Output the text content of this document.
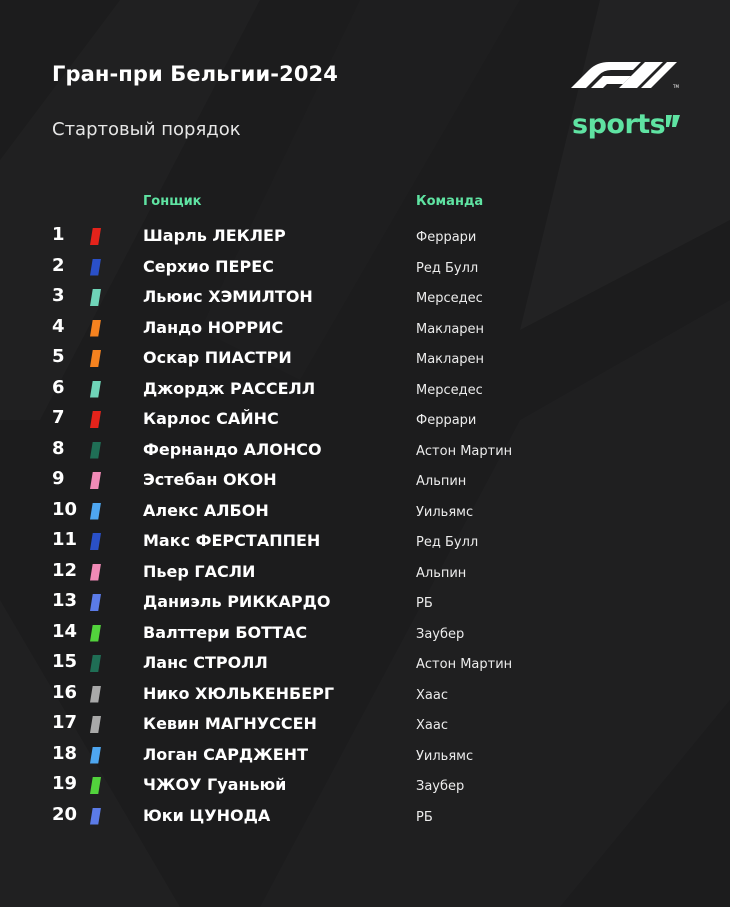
Гран-при Бельгии-2024
Стартовый порядок
TM
sports
Гонщик	Команда
1	Шарль ЛЕКЛЕР	Феррари
2	Серхио ПЕРЕС	Ред Булл
3	Льюис ХЭМИЛТОН	Мерседес
4	Ландо НОРРИС	Макларен
5	Оскар ПИАСТРИ	Макларен
6	Джордж РАССЕЛЛ	Мерседес
7	Карлос САЙНС	Феррари
8	Фернандо АЛОНСО	Астон Мартин
9	Эстебан ОКОН	Альпин
10	Алекс АЛБОН	Уильямс
11	Макс ФЕРСТАППЕН	Ред Булл
12	Пьер ГАСЛИ	Альпин
13	Даниэль РИККАРДО	РБ
14	Валттери БОТТАС	Заубер
15	Ланс СТРОЛЛ	Астон Мартин
16	Нико ХЮЛЬКЕНБЕРГ	Хаас
17	Кевин МАГНУССЕН	Хаас
18	Логан САРДЖЕНТ	Уильямс
19	ЧЖОУ Гуаньюй	Заубер
20	Юки ЦУНОДА	РБ
